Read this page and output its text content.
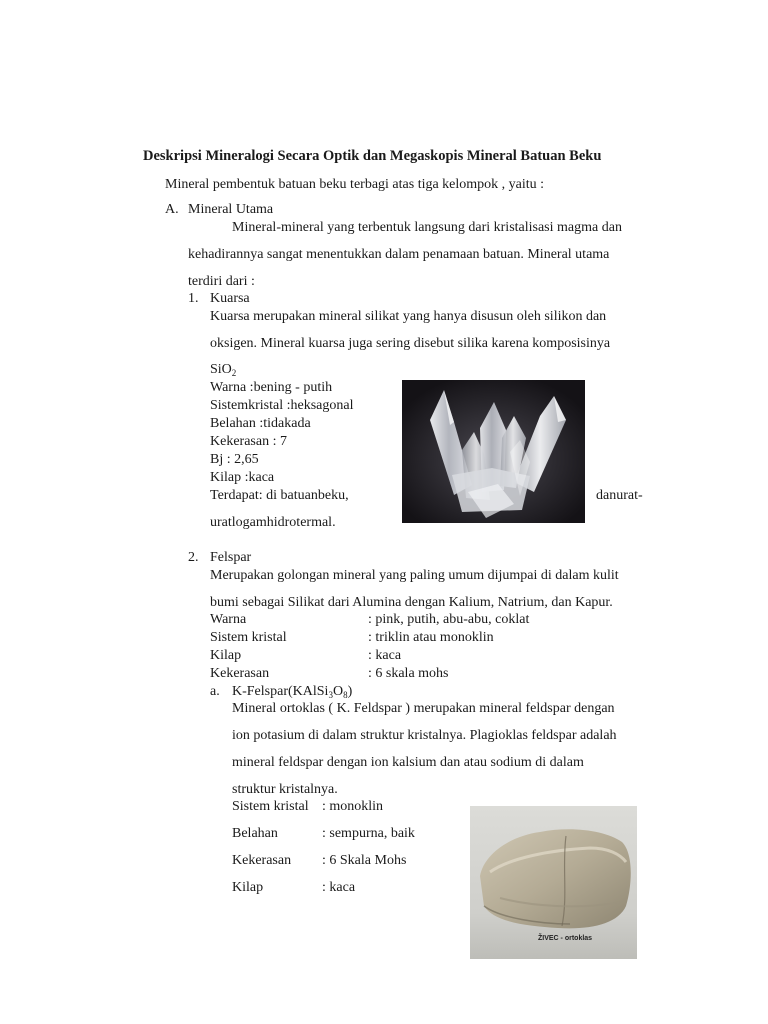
Deskripsi Mineralogi Secara Optik dan Megaskopis Mineral Batuan Beku
Mineral pembentuk batuan beku terbagi atas tiga kelompok , yaitu :
A. Mineral Utama
Mineral-mineral yang terbentuk langsung dari kristalisasi magma dan
kehadirannya sangat menentukkan dalam penamaan batuan. Mineral utama
terdiri dari :
1. Kuarsa
Kuarsa merupakan mineral silikat yang hanya disusun oleh silikon dan
oksigen. Mineral kuarsa juga sering disebut silika karena komposisinya
SiO$_2$
Warna :bening - putih
Sistemkristal :heksagonal
Belahan :tidakada
Kekerasan : 7
Bj : 2,65
Kilap :kaca
Terdapat: di batuanbeku,	danurat-
uratlogamhidrotermal.
2. Felspar
Merupakan golongan mineral yang paling umum dijumpai di dalam kulit
bumi sebagai Silikat dari Alumina dengan Kalium, Natrium, dan Kapur.
Warna	: pink, putih, abu-abu, coklat
Sistem kristal	: triklin atau monoklin
Kilap	: kaca
Kekerasan	: 6 skala mohs
a. $K-Felspar(KAlSi_3O_8)$
Mineral ortoklas ( K. Feldspar ) merupakan mineral feldspar dengan
ion potasium di dalam struktur kristalnya. Plagioklas feldspar adalah
mineral feldspar dengan ion kalsium dan atau sodium di dalam
struktur kristalnya.
Sistem kristal : monoklin
Belahan	: sempurna, baik
Kekerasan : 6 Skala Mohs
Kilap	: kaca
ŽIVEC - ortoklas
